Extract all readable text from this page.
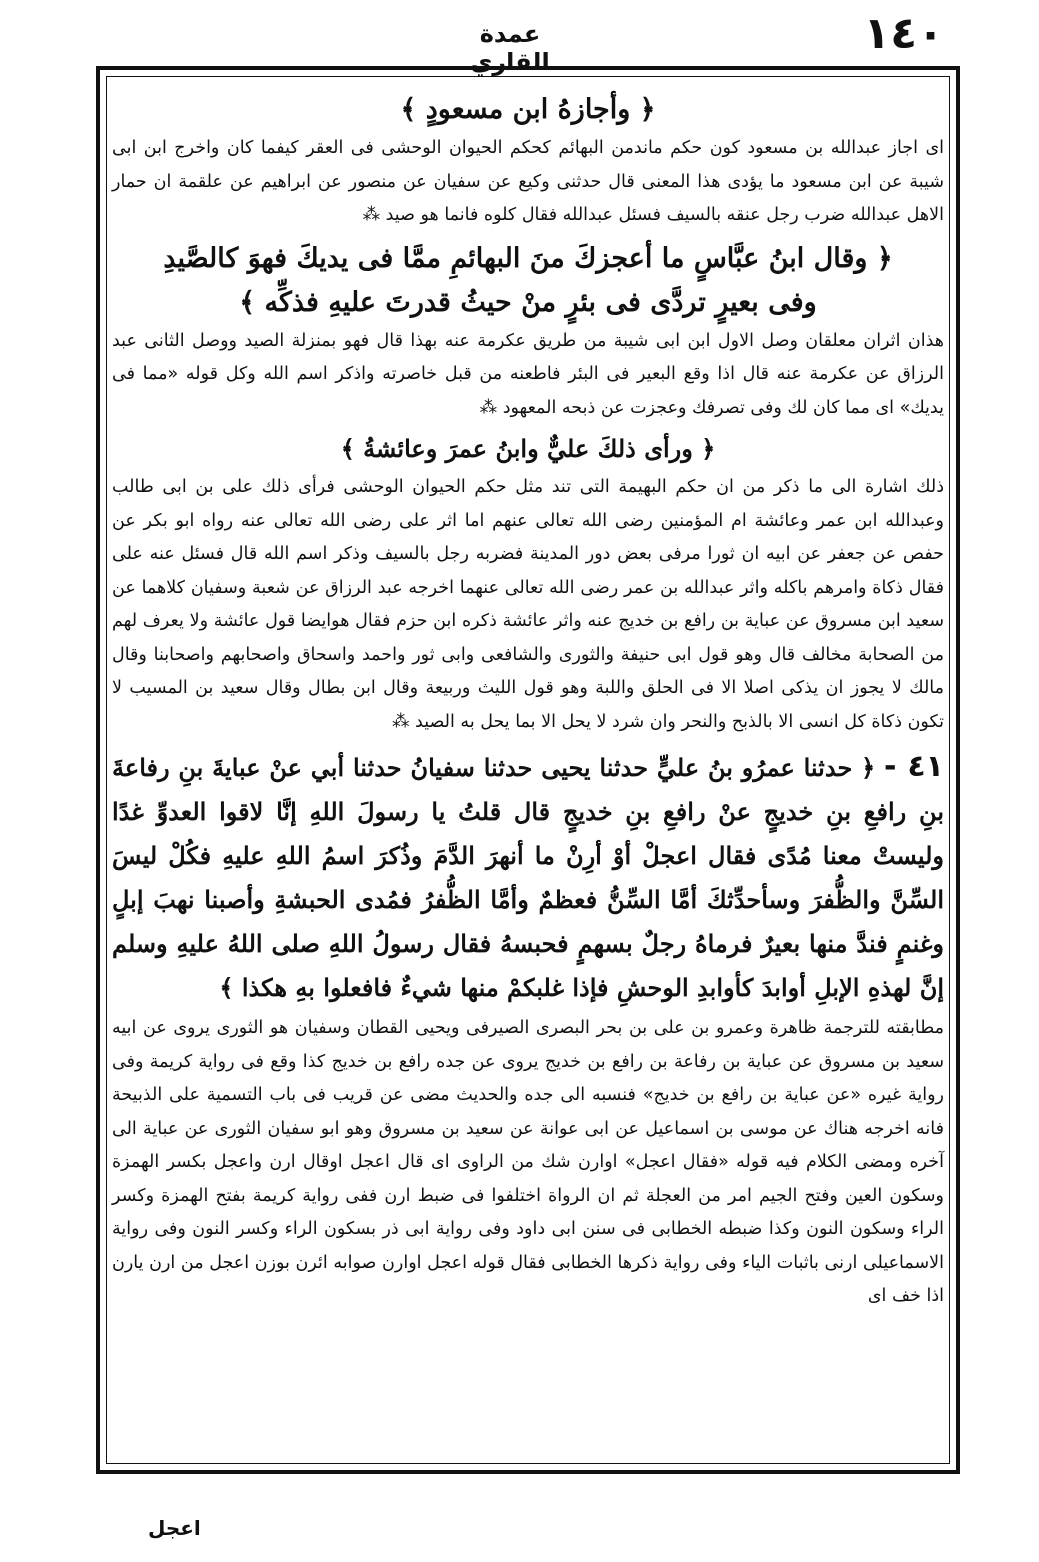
١٤٠
عمدة القاري
﴿ وأجازهُ ابن مسعودٍ ﴾

اى اجاز عبدالله بن مسعود كون حكم ماندمن البهائم كحكم الحيوان الوحشى فى العقر كيفما كان واخرج ابن ابى شيبة عن ابن مسعود ما يؤدى هذا المعنى قال حدثنى وكيع عن سفيان عن منصور عن ابراهيم عن علقمة ان حمار الاهل عبدالله ضرب رجل عنقه بالسيف فسئل عبدالله فقال كلوه فانما هو صيد ⁂

﴿ وقال ابنُ عبَّاسٍ ما أعجزكَ منَ البهائمِ ممَّا فى يديكَ فهوَ كالصَّيدِ
وفى بعيرٍ تردَّى فى بئرٍ منْ حيثُ قدرتَ عليهِ فذكِّه ﴾

هذان اثران معلقان وصل الاول ابن ابى شيبة من طريق عكرمة عنه بهذا قال فهو بمنزلة الصيد ووصل الثانى عبد الرزاق عن عكرمة عنه قال اذا وقع البعير فى البئر فاطعنه من قبل خاصرته واذكر اسم الله وكل قوله «مما فى يديك» اى مما كان لك وفى تصرفك وعجزت عن ذبحه المعهود ⁂

﴿ ورأى ذلكَ عليٌّ وابنُ عمرَ وعائشةُ ﴾

ذلك اشارة الى ما ذكر من ان حكم البهيمة التى تند مثل حكم الحيوان الوحشى فرأى ذلك على بن ابى طالب وعبدالله ابن عمر وعائشة ام المؤمنين رضى الله تعالى عنهم اما اثر على رضى الله تعالى عنه رواه ابو بكر عن حفص عن جعفر عن ابيه ان ثورا مرفى بعض دور المدينة فضربه رجل بالسيف وذكر اسم الله قال فسئل عنه على فقال ذكاة وامرهم باكله واثر عبدالله بن عمر رضى الله تعالى عنهما اخرجه عبد الرزاق عن شعبة وسفيان كلاهما عن سعيد ابن مسروق عن عباية بن رافع بن خديج عنه واثر عائشة ذكره ابن حزم فقال هوايضا قول عائشة ولا يعرف لهم من الصحابة مخالف قال وهو قول ابى حنيفة والثورى والشافعى وابى ثور واحمد واسحاق واصحابهم واصحابنا وقال مالك لا يجوز ان يذكى اصلا الا فى الحلق واللبة وهو قول الليث وربيعة وقال ابن بطال وقال سعيد بن المسيب لا تكون ذكاة كل انسى الا بالذبح والنحر وان شرد لا يحل الا بما يحل به الصيد ⁂

٤١ - ﴿ حدثنا عمرُو بنُ عليٍّ حدثنا يحيى حدثنا سفيانُ حدثنا أبي عنْ عبايةَ بنِ رفاعةَ بنِ رافعِ بنِ خديجٍ عنْ رافعِ بنِ خديجٍ قال قلتُ يا رسولَ اللهِ إنَّا لاقوا العدوِّ غدًا وليستْ معنا مُدًى فقال اعجلْ أوْ أرِنْ ما أنهرَ الدَّمَ وذُكرَ اسمُ اللهِ عليهِ فكُلْ ليسَ السِّنَّ والظُّفرَ وسأحدِّثكَ أمَّا السِّنُّ فعظمٌ وأمَّا الظُّفرُ فمُدى الحبشةِ وأصبنا نهبَ إبلٍ وغنمٍ فندَّ منها بعيرٌ فرماهُ رجلٌ بسهمٍ فحبسهُ فقال رسولُ اللهِ صلى اللهُ عليهِ وسلم إنَّ لهذهِ الإبلِ أوابدَ كأوابدِ الوحشِ فإذا غلبكمْ منها شيءٌ فافعلوا بهِ هكذا ﴾

مطابقته للترجمة ظاهرة وعمرو بن على بن بحر البصرى الصيرفى ويحيى القطان وسفيان هو الثورى يروى عن ابيه سعيد بن مسروق عن عباية بن رفاعة بن رافع بن خديج يروى عن جده رافع بن خديج كذا وقع فى رواية كريمة وفى رواية غيره «عن عباية بن رافع بن خديج» فنسبه الى جده والحديث مضى عن قريب فى باب التسمية على الذبيحة فانه اخرجه هناك عن موسى بن اسماعيل عن ابى عوانة عن سعيد بن مسروق وهو ابو سفيان الثورى عن عباية الى آخره ومضى الكلام فيه قوله «فقال اعجل» اوارن شك من الراوى اى قال اعجل اوقال ارن واعجل بكسر الهمزة وسكون العين وفتح الجيم امر من العجلة ثم ان الرواة اختلفوا فى ضبط ارن ففى رواية كريمة بفتح الهمزة وكسر الراء وسكون النون وكذا ضبطه الخطابى فى سنن ابى داود وفى رواية ابى ذر بسكون الراء وكسر النون وفى رواية الاسماعيلى ارنى باثبات الياء وفى رواية ذكرها الخطابى فقال قوله اعجل اوارن صوابه ائرن بوزن اعجل من ارن يارن اذا خف اى

اعجل
